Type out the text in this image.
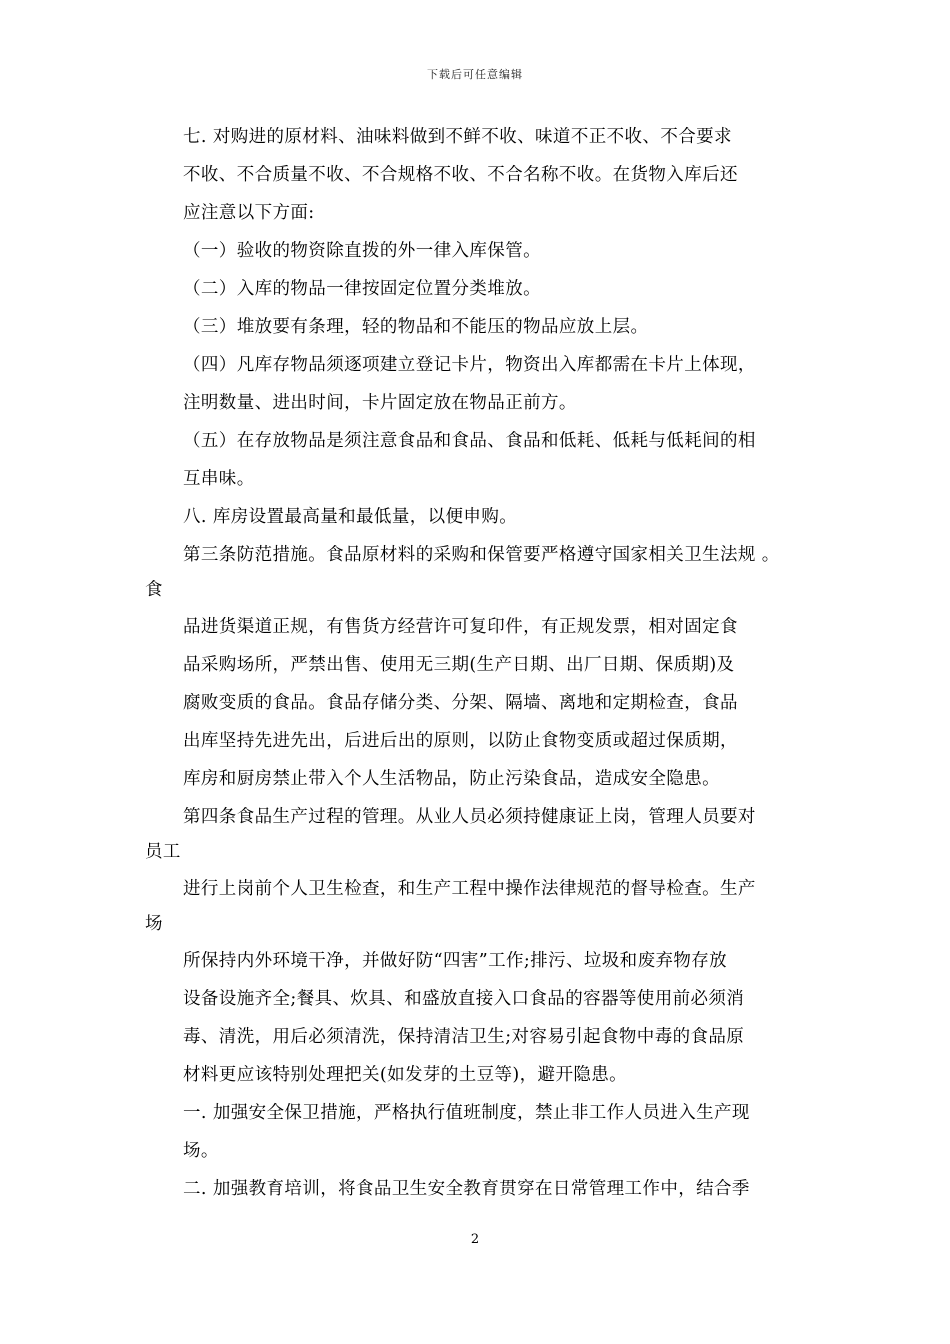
下载后可任意编辑
七. 对购进的原材料、油味料做到不鲜不收、味道不正不收、不合要求
不收、不合质量不收、不合规格不收、不合名称不收。在货物入库后还
应注意以下方面:
（一）验收的物资除直拨的外一律入库保管。
（二）入库的物品一律按固定位置分类堆放。
（三）堆放要有条理，轻的物品和不能压的物品应放上层。
（四）凡库存物品须逐项建立登记卡片，物资出入库都需在卡片上体现，
注明数量、进出时间，卡片固定放在物品正前方。
（五）在存放物品是须注意食品和食品、食品和低耗、低耗与低耗间的相
互串味。
八. 库房设置最高量和最低量，以便申购。
第三条防范措施。食品原材料的采购和保管要严格遵守国家相关卫生法规 。
食
品进货渠道正规，有售货方经营许可复印件，有正规发票，相对固定食
品采购场所，严禁出售、使用无三期(生产日期、出厂日期、保质期)及
腐败变质的食品。食品存储分类、分架、隔墙、离地和定期检查，食品
出库坚持先进先出，后进后出的原则，以防止食物变质或超过保质期，
库房和厨房禁止带入个人生活物品，防止污染食品，造成安全隐患。
第四条食品生产过程的管理。从业人员必须持健康证上岗，管理人员要对
员工
进行上岗前个人卫生检查，和生产工程中操作法律规范的督导检查。生产
场
所保持内外环境干净，并做好防“四害”工作;排污、垃圾和废弃物存放
设备设施齐全;餐具、炊具、和盛放直接入口食品的容器等使用前必须消
毒、清洗，用后必须清洗，保持清洁卫生;对容易引起食物中毒的食品原
材料更应该特别处理把关(如发芽的土豆等)，避开隐患。
一. 加强安全保卫措施，严格执行值班制度，禁止非工作人员进入生产现
场。
二. 加强教育培训，将食品卫生安全教育贯穿在日常管理工作中，结合季
2
